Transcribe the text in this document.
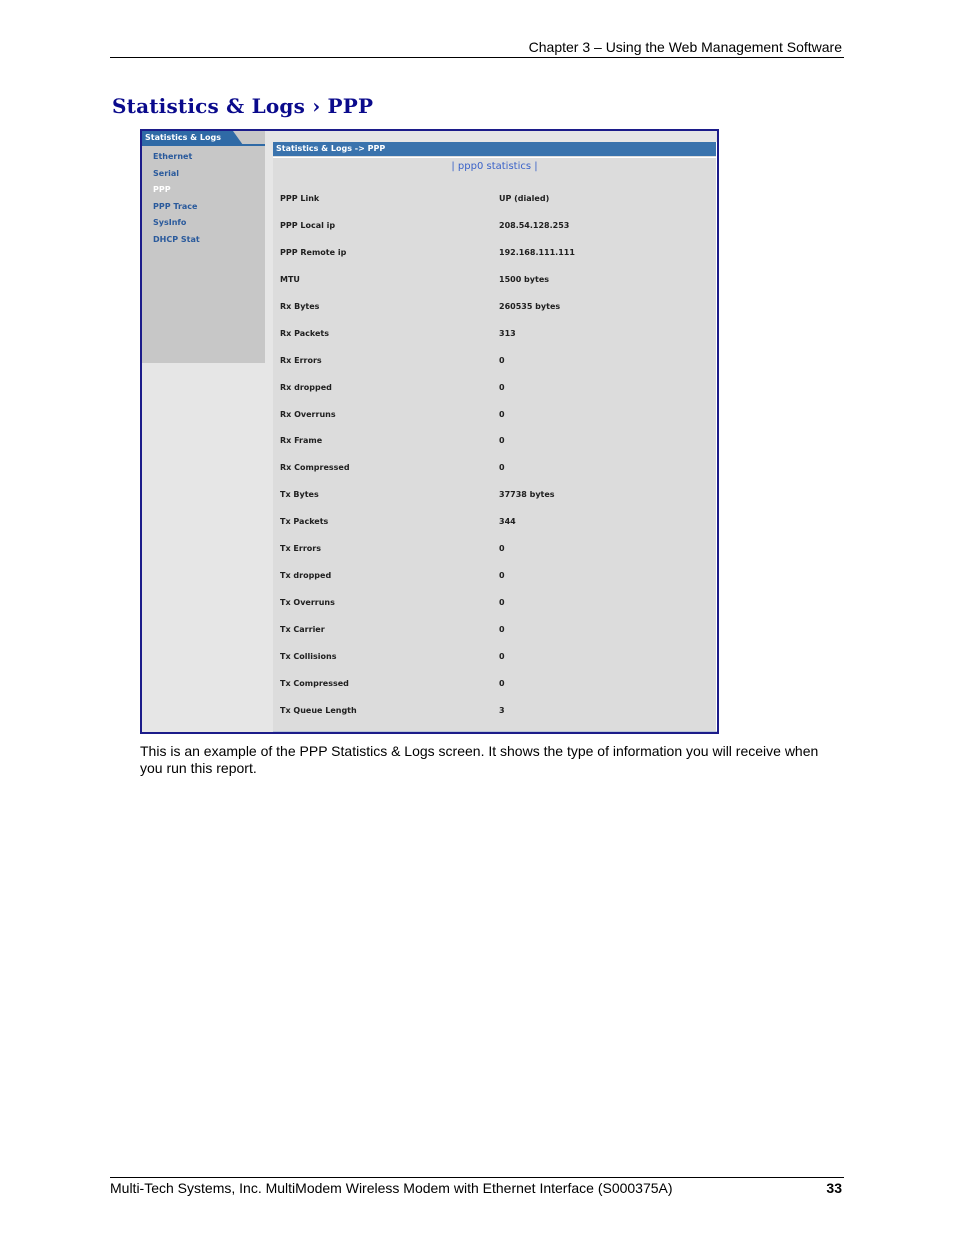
Chapter 3 – Using the Web Management Software
Statistics & Logs › PPP
Statistics & Logs
Ethernet
Serial
PPP
PPP Trace
SysInfo
DHCP Stat
Statistics & Logs -> PPP
| ppp0 statistics |
PPP Link	UP (dialed)
PPP Local ip	208.54.128.253
PPP Remote ip	192.168.111.111
MTU	1500 bytes
Rx Bytes	260535 bytes
Rx Packets	313
Rx Errors	0
Rx dropped	0
Rx Overruns	0
Rx Frame	0
Rx Compressed	0
Tx Bytes	37738 bytes
Tx Packets	344
Tx Errors	0
Tx dropped	0
Tx Overruns	0
Tx Carrier	0
Tx Collisions	0
Tx Compressed	0
Tx Queue Length	3

This is an example of the PPP Statistics & Logs screen. It shows the type of information you will receive when you run this report.

Multi-Tech Systems, Inc. MultiModem Wireless Modem with Ethernet Interface (S000375A)	33
